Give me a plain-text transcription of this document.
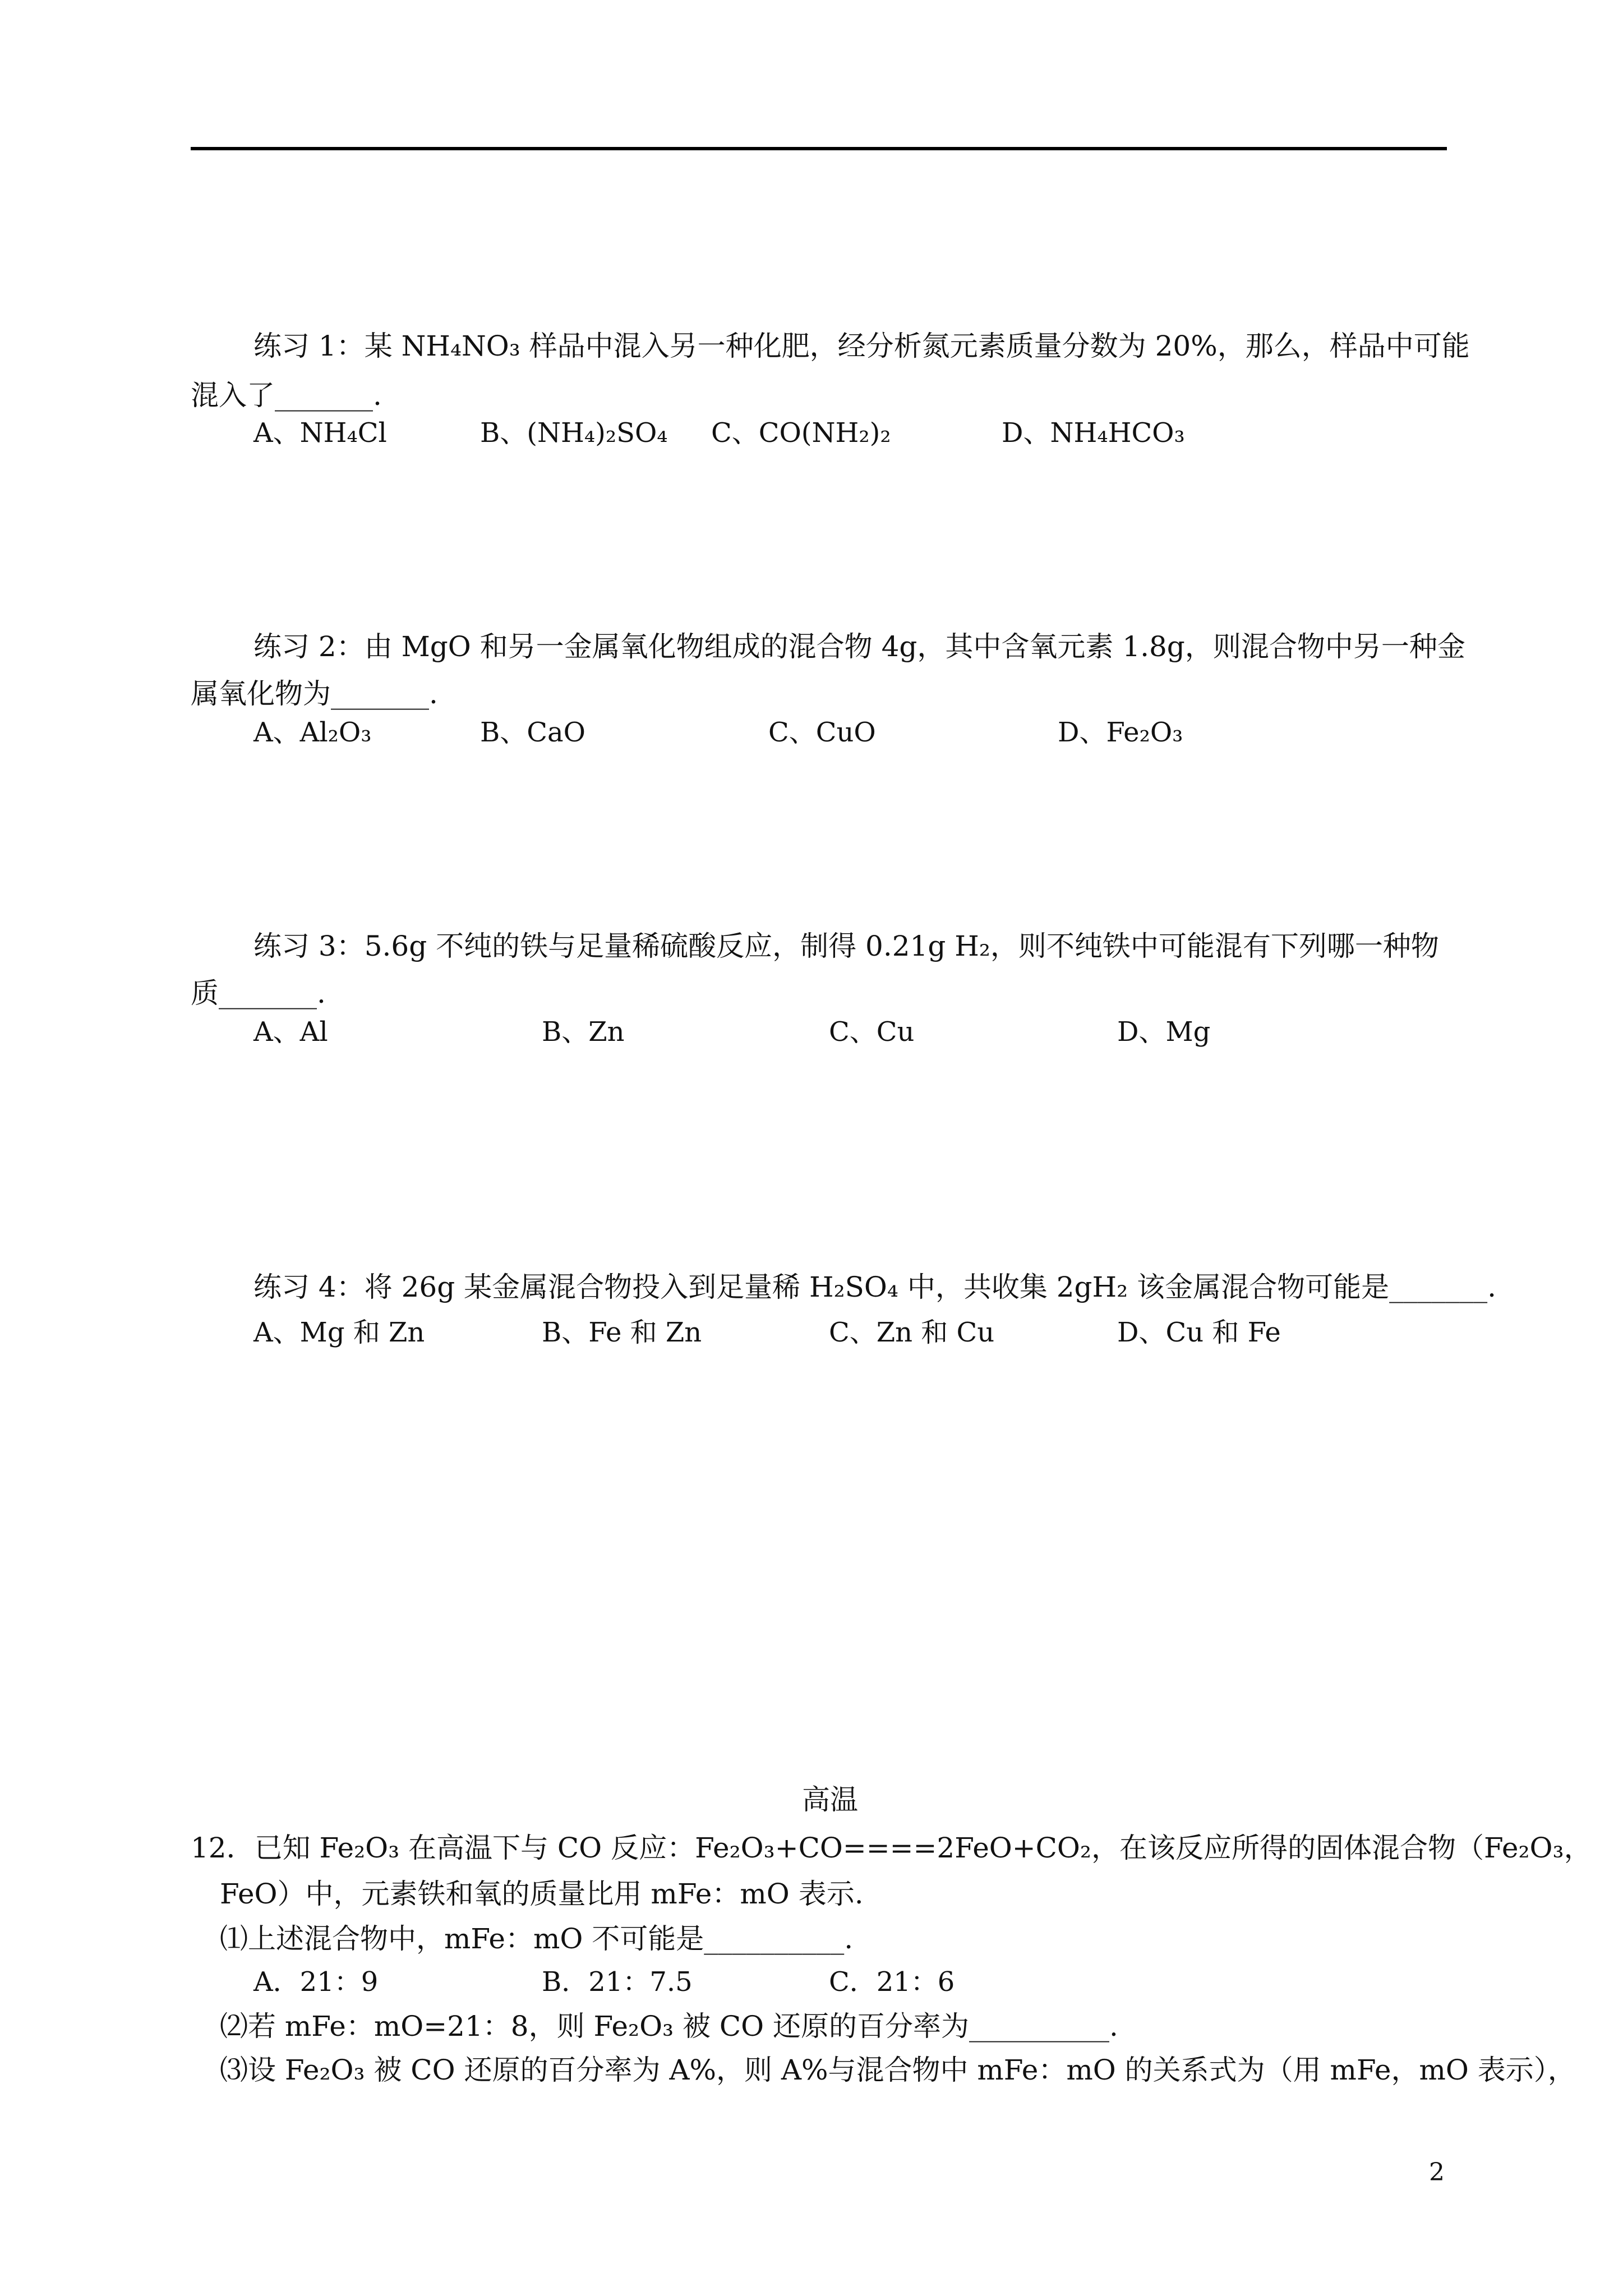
练习 1：某 NH₄NO₃ 样品中混入另一种化肥，经分析氮元素质量分数为 20%，那么，样品中可能
混入了_______.
A、NH₄Cl	B、(NH₄)₂SO₄ C、CO(NH₂)₂	D、NH₄HCO₃
练习 2：由 MgO 和另一金属氧化物组成的混合物 4g，其中含氧元素 1.8g，则混合物中另一种金
属氧化物为_______.
A、Al₂O₃	B、CaO	C、CuO	D、Fe₂O₃
练习 3：5.6g 不纯的铁与足量稀硫酸反应，制得 0.21g H₂，则不纯铁中可能混有下列哪一种物
质_______.
A、Al	B、Zn	C、Cu	D、Mg
练习 4：将 26g 某金属混合物投入到足量稀 H₂SO₄ 中，共收集 2gH₂ 该金属混合物可能是_______.
A、Mg 和 Zn	B、Fe 和 Zn	C、Zn 和 Cu	D、Cu 和 Fe
高温
12．已知 Fe₂O₃ 在高温下与 CO 反应：Fe₂O₃+CO====2FeO+CO₂，在该反应所得的固体混合物（Fe₂O₃，
FeO）中，元素铁和氧的质量比用 mFe：mO 表示.
⑴上述混合物中，mFe：mO 不可能是__________.
A．21：9	B．21：7.5	C．21：6
⑵若 mFe：mO=21：8，则 Fe₂O₃ 被 CO 还原的百分率为__________.
⑶设 Fe₂O₃ 被 CO 还原的百分率为 A%，则 A%与混合物中 mFe：mO 的关系式为（用 mFe，mO 表示），
2
